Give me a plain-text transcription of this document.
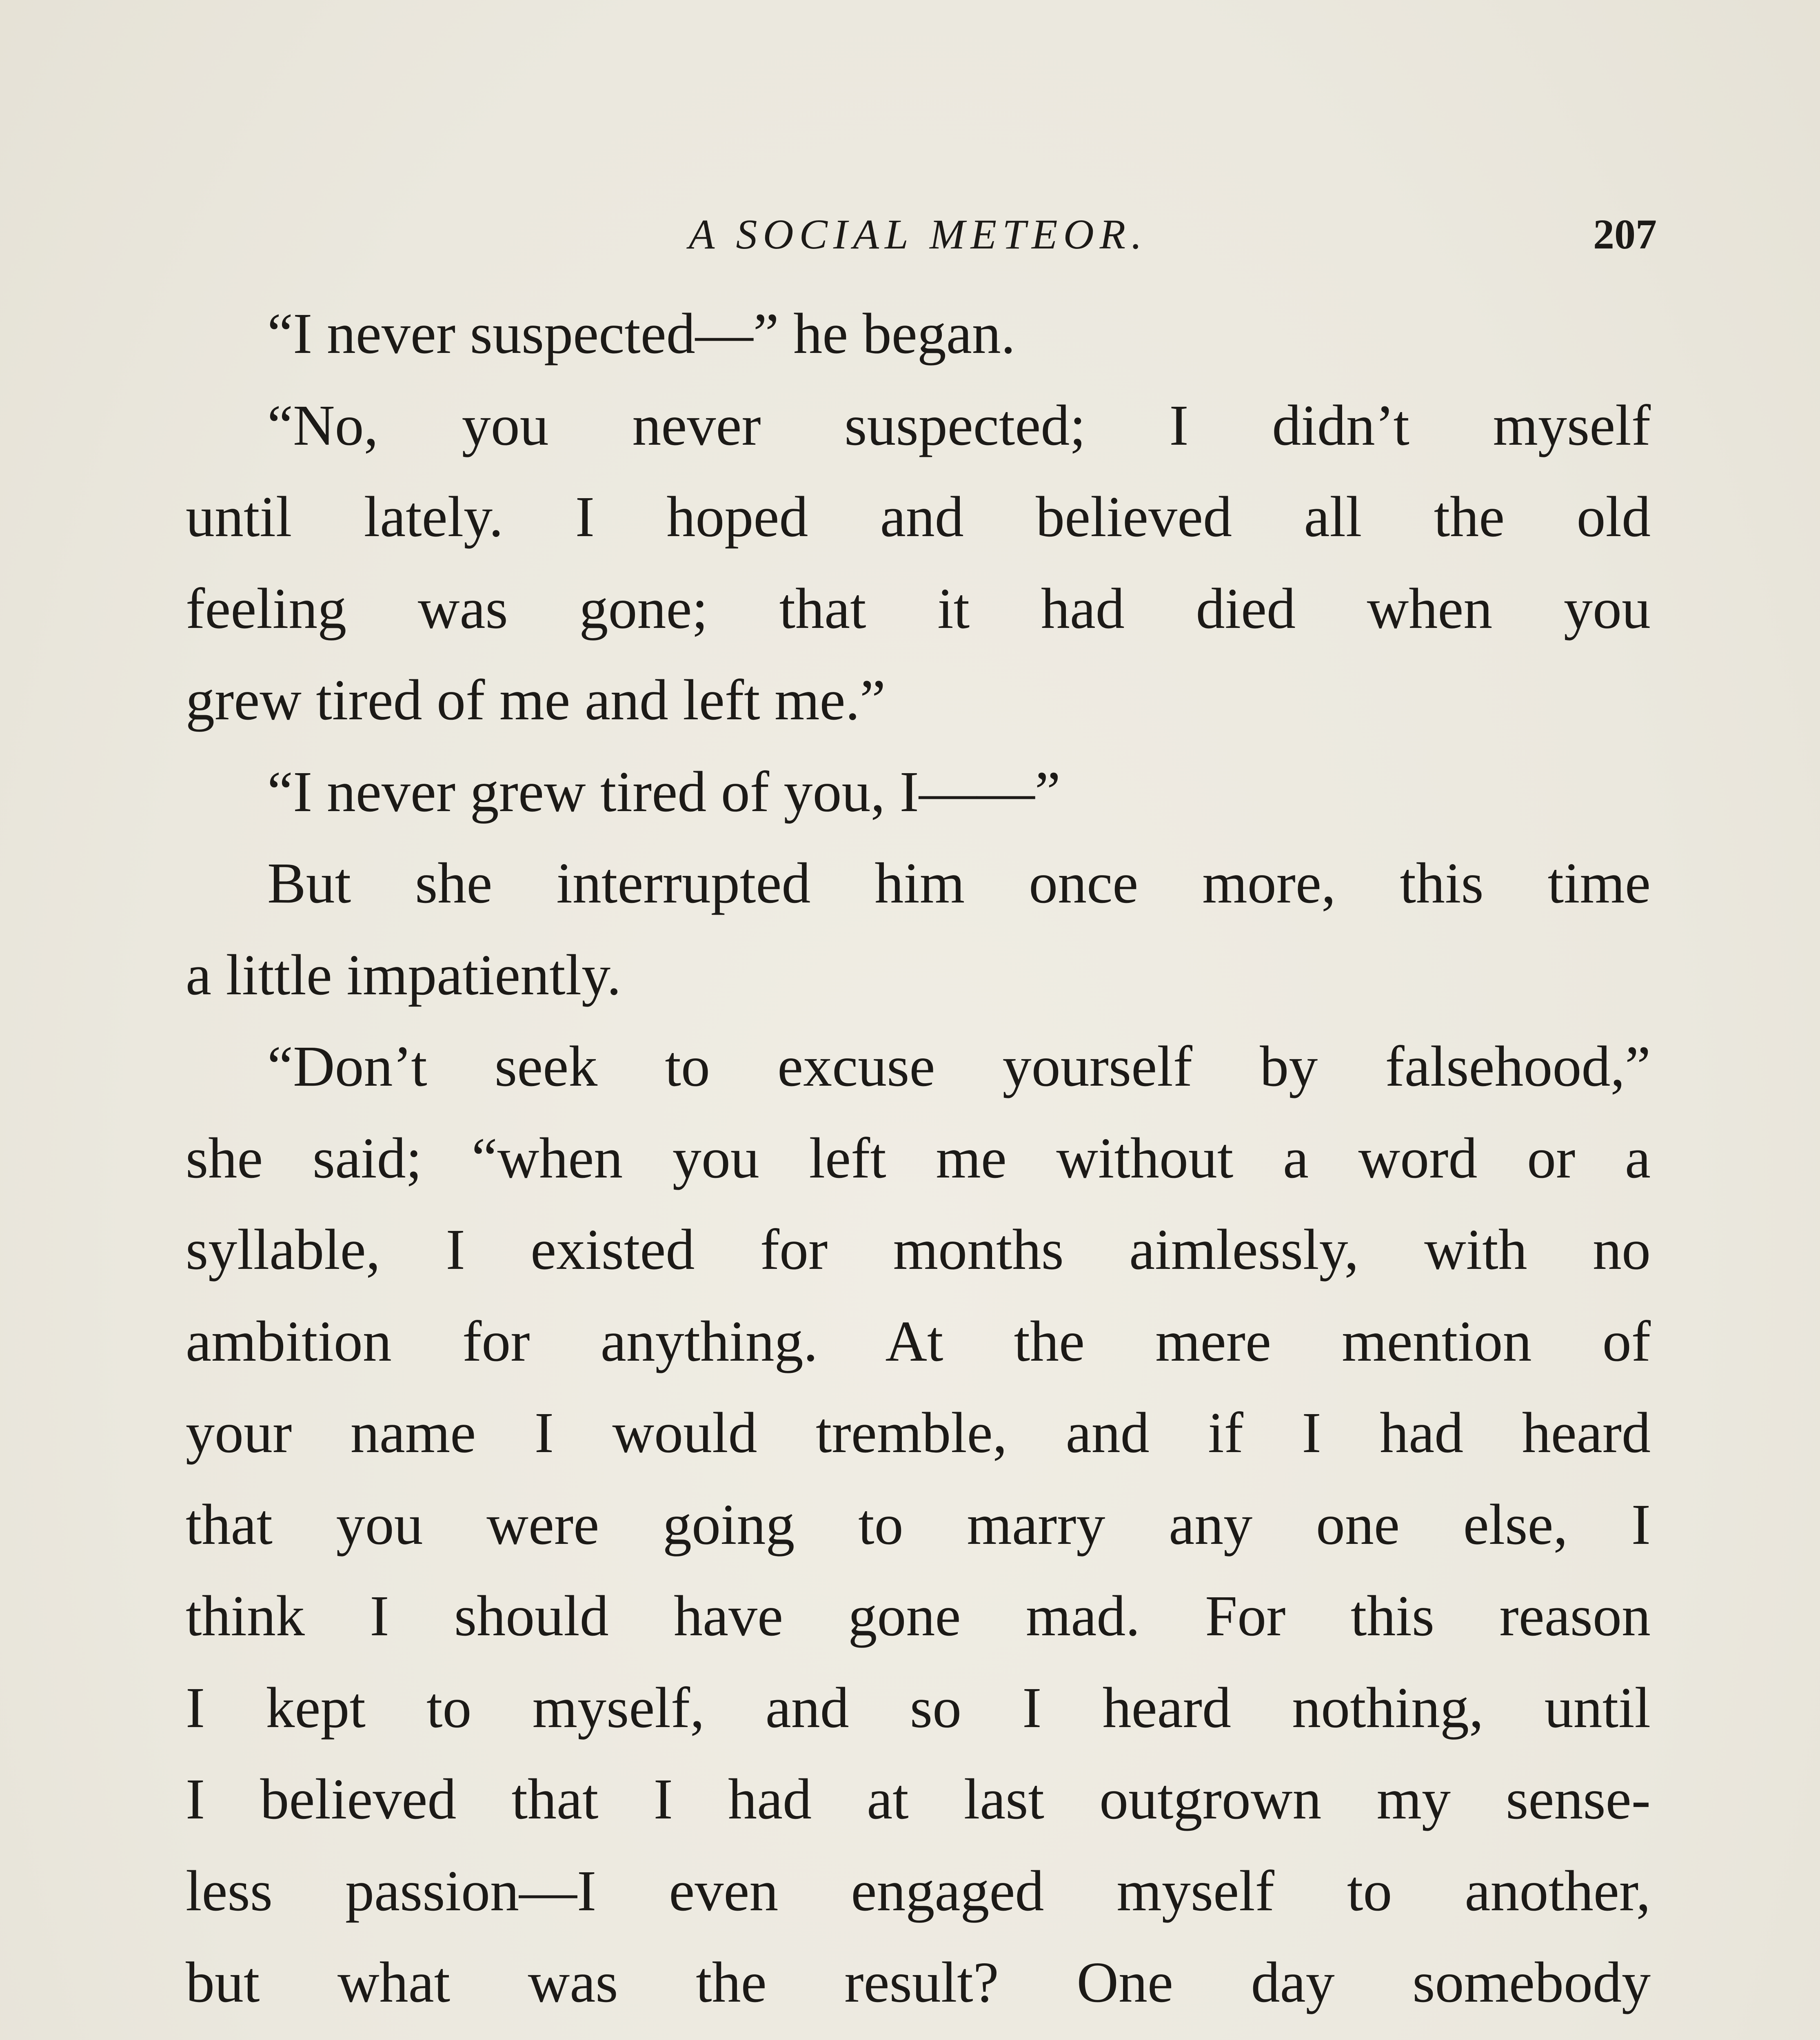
A SOCIAL METEOR.	207
“I never suspected—” he began.
“No, you never suspected; I didn’t myself
until lately. I hoped and believed all the old
feeling was gone; that it had died when you
grew tired of me and left me.”
“I never grew tired of you, I——”
But she interrupted him once more, this time
a little impatiently.
“Don’t seek to excuse yourself by falsehood,”
she said; “when you left me without a word or a
syllable, I existed for months aimlessly, with no
ambition for anything. At the mere mention of
your name I would tremble, and if I had heard
that you were going to marry any one else, I
think I should have gone mad. For this reason
I kept to myself, and so I heard nothing, until
I believed that I had at last outgrown my sense-
less passion—I even engaged myself to another,
but what was the result? One day somebody
